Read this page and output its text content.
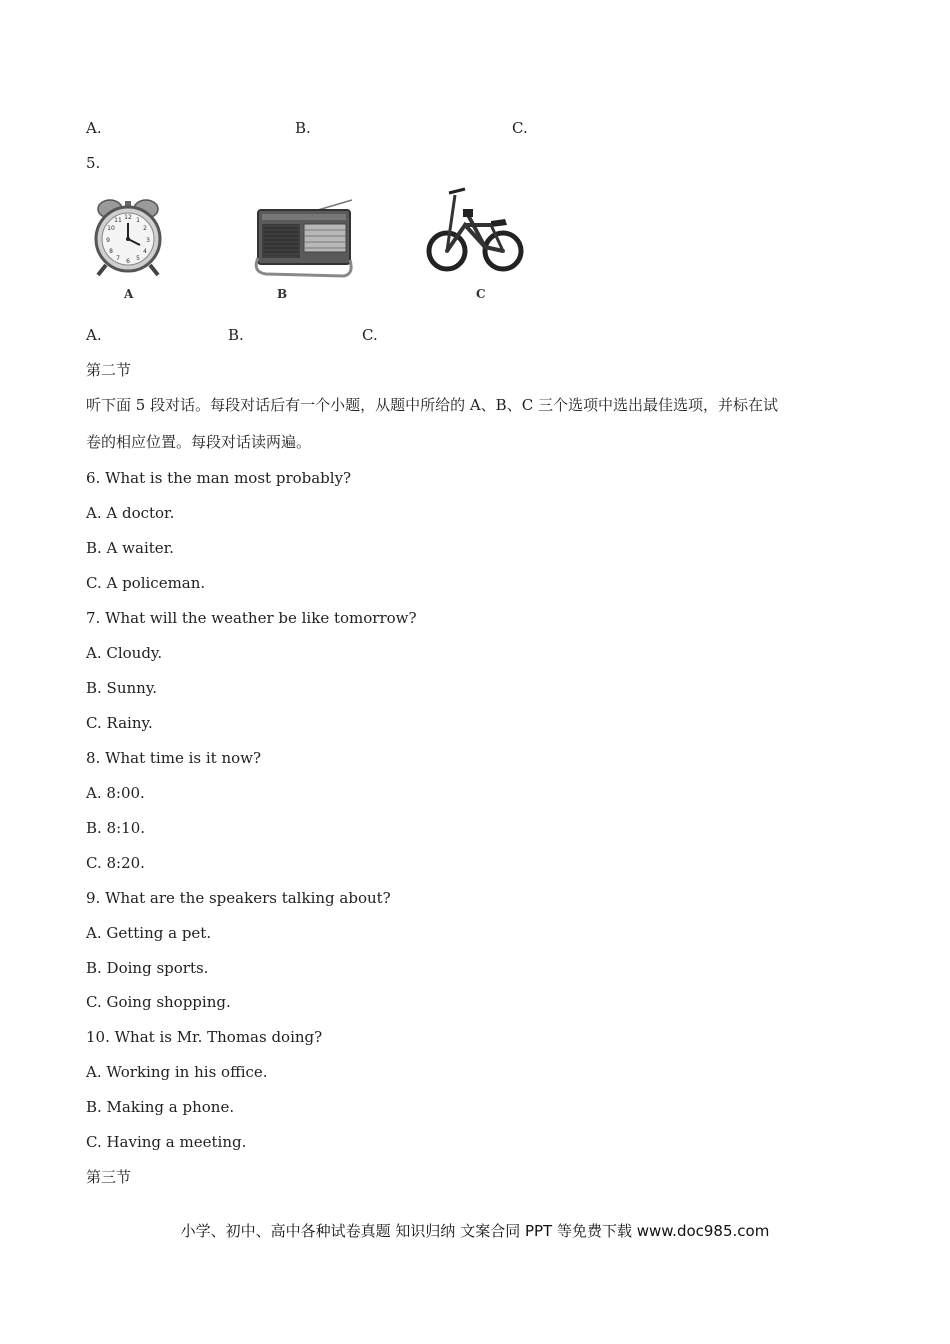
A.	B.	C.
5.
12
3
6
9
1
2
4
5
7
8
10
11
A	B	C
A.	B.	C.
第二节
听下面 5 段对话。每段对话后有一个小题，从题中所给的 A、B、C 三个选项中选出最佳选项，并标在试
卷的相应位置。每段对话读两遍。
6. What is the man most probably?
A. A doctor.
B. A waiter.
C. A policeman.
7. What will the weather be like tomorrow?
A. Cloudy.
B. Sunny.
C. Rainy.
8. What time is it now?
A. 8:00.
B. 8:10.
C. 8:20.
9. What are the speakers talking about?
A. Getting a pet.
B. Doing sports.
C. Going shopping.
10. What is Mr. Thomas doing?
A. Working in his office.
B. Making a phone.
C. Having a meeting.
第三节
小学、初中、高中各种试卷真题 知识归纳 文案合同 PPT 等免费下载 www.doc985.com
